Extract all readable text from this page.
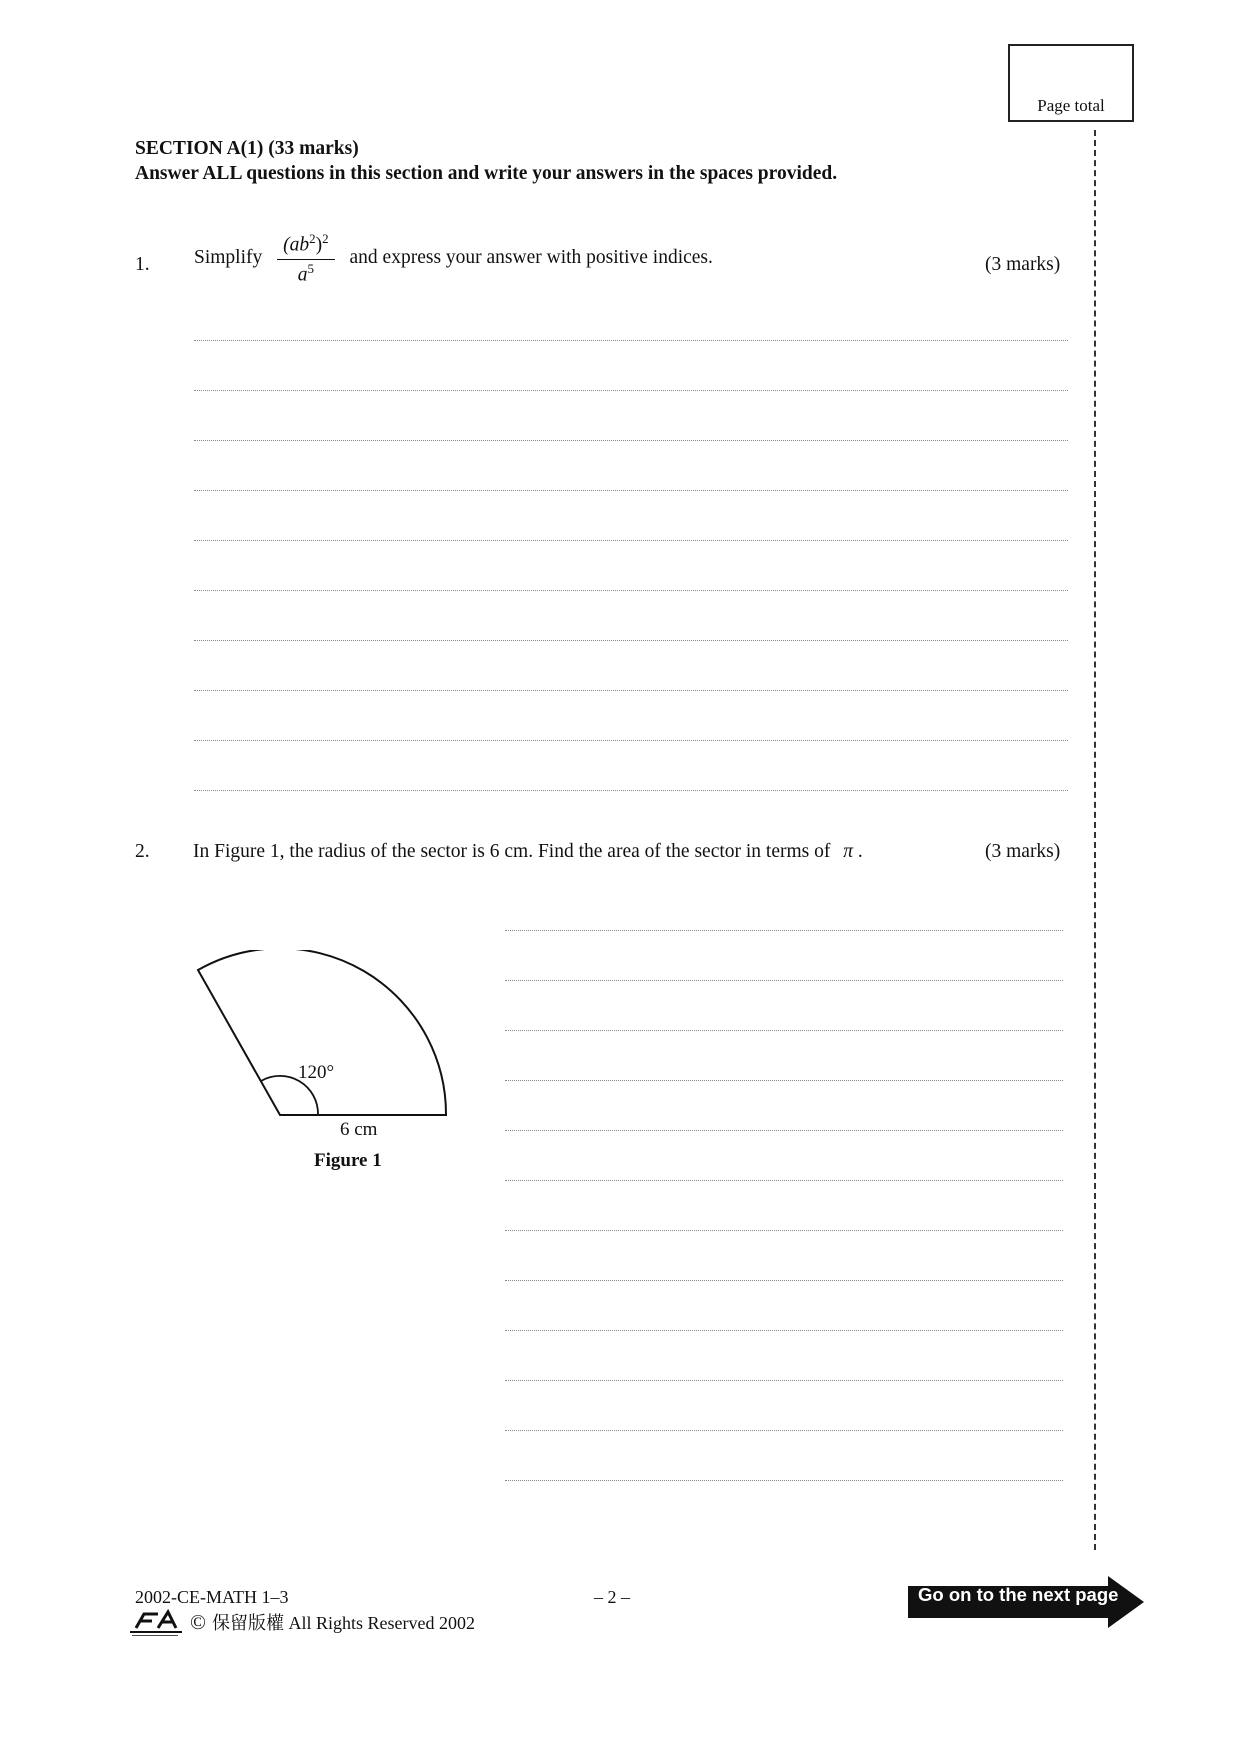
Page total
SECTION A(1) (33 marks)
Answer ALL questions in this section and write your answers in the spaces provided.
1. Simplify $\frac{(ab^2)^2}{a^5}$ and express your answer with positive indices.	(3 marks)
2. In Figure 1, the radius of the sector is 6 cm. Find the area of the sector in terms of π .	(3 marks)
120°
6 cm
Figure 1
2002-CE-MATH 1–3	– 2 –
© 保留版權 All Rights Reserved 2002
Go on to the next page
